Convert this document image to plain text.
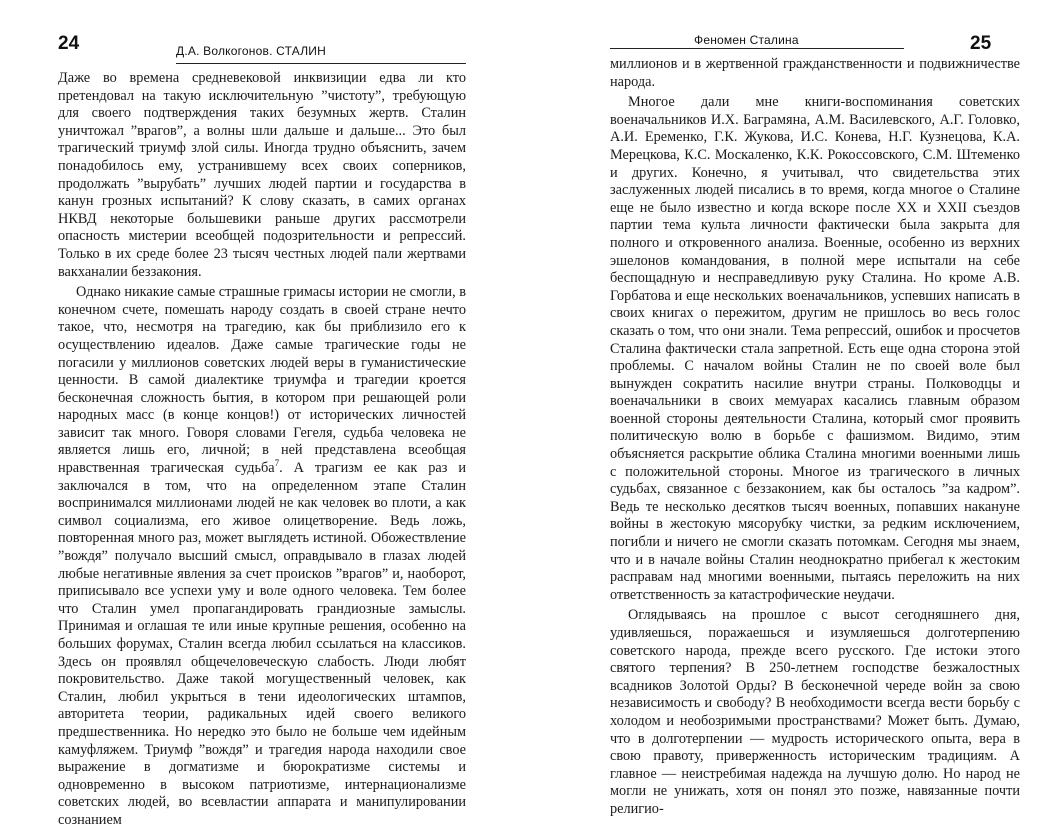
24	Д.А. Волкогонов. СТАЛИН

Даже во времена средневековой инквизиции едва ли кто претендовал на такую исключительную ”чистоту”, требующую для своего подтверждения таких безумных жертв. Сталин уничтожал ”врагов”, а волны шли дальше и дальше... Это был трагический триумф злой силы. Иногда трудно объяснить, зачем понадобилось ему, устранившему всех своих соперников, продолжать ”вырубать” лучших людей партии и государства в канун грозных испытаний? К слову сказать, в самих органах НКВД некоторые большевики раньше других рассмотрели опасность мистерии всеобщей подозрительности и репрессий. Только в их среде более 23 тысяч честных людей пали жертвами вакханалии беззакония.

Однако никакие самые страшные гримасы истории не смогли, в конечном счете, помешать народу создать в своей стране нечто такое, что, несмотря на трагедию, как бы приблизило его к осуществлению идеалов. Даже самые трагические годы не погасили у миллионов советских людей веры в гуманистические ценности. В самой диалектике триумфа и трагедии кроется бесконечная сложность бытия, в котором при решающей роли народных масс (в конце концов!) от исторических личностей зависит так много. Говоря словами Гегеля, судьба человека не является лишь его, личной; в ней представлена всеобщая нравственная трагическая судьба$^7$. А трагизм ее как раз и заключался в том, что на определенном этапе Сталин воспринимался миллионами людей не как человек во плоти, а как символ социализма, его живое олицетворение. Ведь ложь, повторенная много раз, может выглядеть истиной. Обожествление ”вождя” получало высший смысл, оправдывало в глазах людей любые негативные явления за счет происков ”врагов” и, наоборот, приписывало все успехи уму и воле одного человека. Тем более что Сталин умел пропагандировать грандиозные замыслы. Принимая и оглашая те или иные крупные решения, особенно на больших форумах, Сталин всегда любил ссылаться на классиков. Здесь он проявлял общечеловеческую слабость. Люди любят покровительство. Даже такой могущественный человек, как Сталин, любил укрыться в тени идеологических штампов, авторитета теории, радикальных идей своего великого предшественника. Но нередко это было не больше чем идейным камуфляжем. Триумф ”вождя” и трагедия народа находили свое выражение в догматизме и бюрократизме системы и одновременно в высоком патриотизме, интернационализме советских людей, во всевластии аппарата и манипулировании сознанием

Феномен Сталина	25

миллионов и в жертвенной гражданственности и подвижничестве народа.

Многое дали мне книги-воспоминания советских военачальников И.Х. Баграмяна, А.М. Василевского, А.Г. Головко, А.И. Еременко, Г.К. Жукова, И.С. Конева, Н.Г. Кузнецова, К.А. Мерецкова, К.С. Москаленко, К.К. Рокоссовского, С.М. Штеменко и других. Конечно, я учитывал, что свидетельства этих заслуженных людей писались в то время, когда многое о Сталине еще не было известно и когда вскоре после XX и XXII съездов партии тема культа личности фактически была закрыта для полного и откровенного анализа. Военные, особенно из верхних эшелонов командования, в полной мере испытали на себе беспощадную и несправедливую руку Сталина. Но кроме А.В. Горбатова и еще нескольких военачальников, успевших написать в своих книгах о пережитом, другим не пришлось во весь голос сказать о том, что они знали. Тема репрессий, ошибок и просчетов Сталина фактически стала запретной. Есть еще одна сторона этой проблемы. С началом войны Сталин не по своей воле был вынужден сократить насилие внутри страны. Полководцы и военачальники в своих мемуарах касались главным образом военной стороны деятельности Сталина, который смог проявить политическую волю в борьбе с фашизмом. Видимо, этим объясняется раскрытие облика Сталина многими военными лишь с положительной стороны. Многое из трагического в личных судьбах, связанное с беззаконием, как бы осталось ”за кадром”. Ведь те несколько десятков тысяч военных, попавших накануне войны в жестокую мясорубку чистки, за редким исключением, погибли и ничего не смогли сказать потомкам. Сегодня мы знаем, что и в начале войны Сталин неоднократно прибегал к жестоким расправам над многими военными, пытаясь переложить на них ответственность за катастрофические неудачи.

Оглядываясь на прошлое с высот сегодняшнего дня, удивляешься, поражаешься и изумляешься долготерпению советского народа, прежде всего русского. Где истоки этого святого терпения? В 250-летнем господстве безжалостных всадников Золотой Орды? В бесконечной череде войн за свою независимость и свободу? В необходимости всегда вести борьбу с холодом и необозримыми пространствами? Может быть. Думаю, что в долготерпении — мудрость исторического опыта, вера в свою правоту, приверженность историческим традициям. А главное — неистребимая надежда на лучшую долю. Но народ не могли не унижать, хотя он понял это позже, навязанные почти религио-
